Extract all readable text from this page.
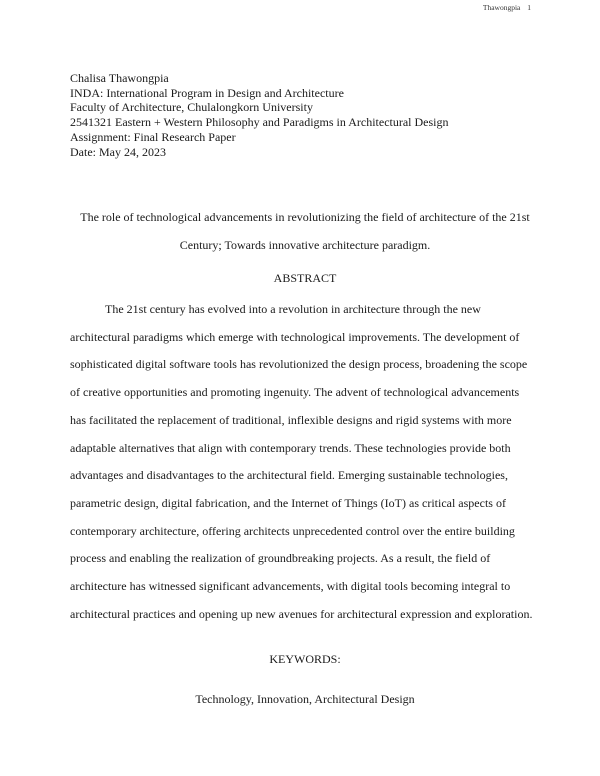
Thawongpia 1
Chalisa Thawongpia
INDA: International Program in Design and Architecture
Faculty of Architecture, Chulalongkorn University
2541321 Eastern + Western Philosophy and Paradigms in Architectural Design
Assignment: Final Research Paper
Date: May 24, 2023
The role of technological advancements in revolutionizing the field of architecture of the 21st
Century; Towards innovative architecture paradigm.
ABSTRACT
The 21st century has evolved into a revolution in architecture through the new
architectural paradigms which emerge with technological improvements. The development of
sophisticated digital software tools has revolutionized the design process, broadening the scope
of creative opportunities and promoting ingenuity. The advent of technological advancements
has facilitated the replacement of traditional, inflexible designs and rigid systems with more
adaptable alternatives that align with contemporary trends. These technologies provide both
advantages and disadvantages to the architectural field. Emerging sustainable technologies,
parametric design, digital fabrication, and the Internet of Things (IoT) as critical aspects of
contemporary architecture, offering architects unprecedented control over the entire building
process and enabling the realization of groundbreaking projects. As a result, the field of
architecture has witnessed significant advancements, with digital tools becoming integral to
architectural practices and opening up new avenues for architectural expression and exploration.
KEYWORDS:
Technology, Innovation, Architectural Design
